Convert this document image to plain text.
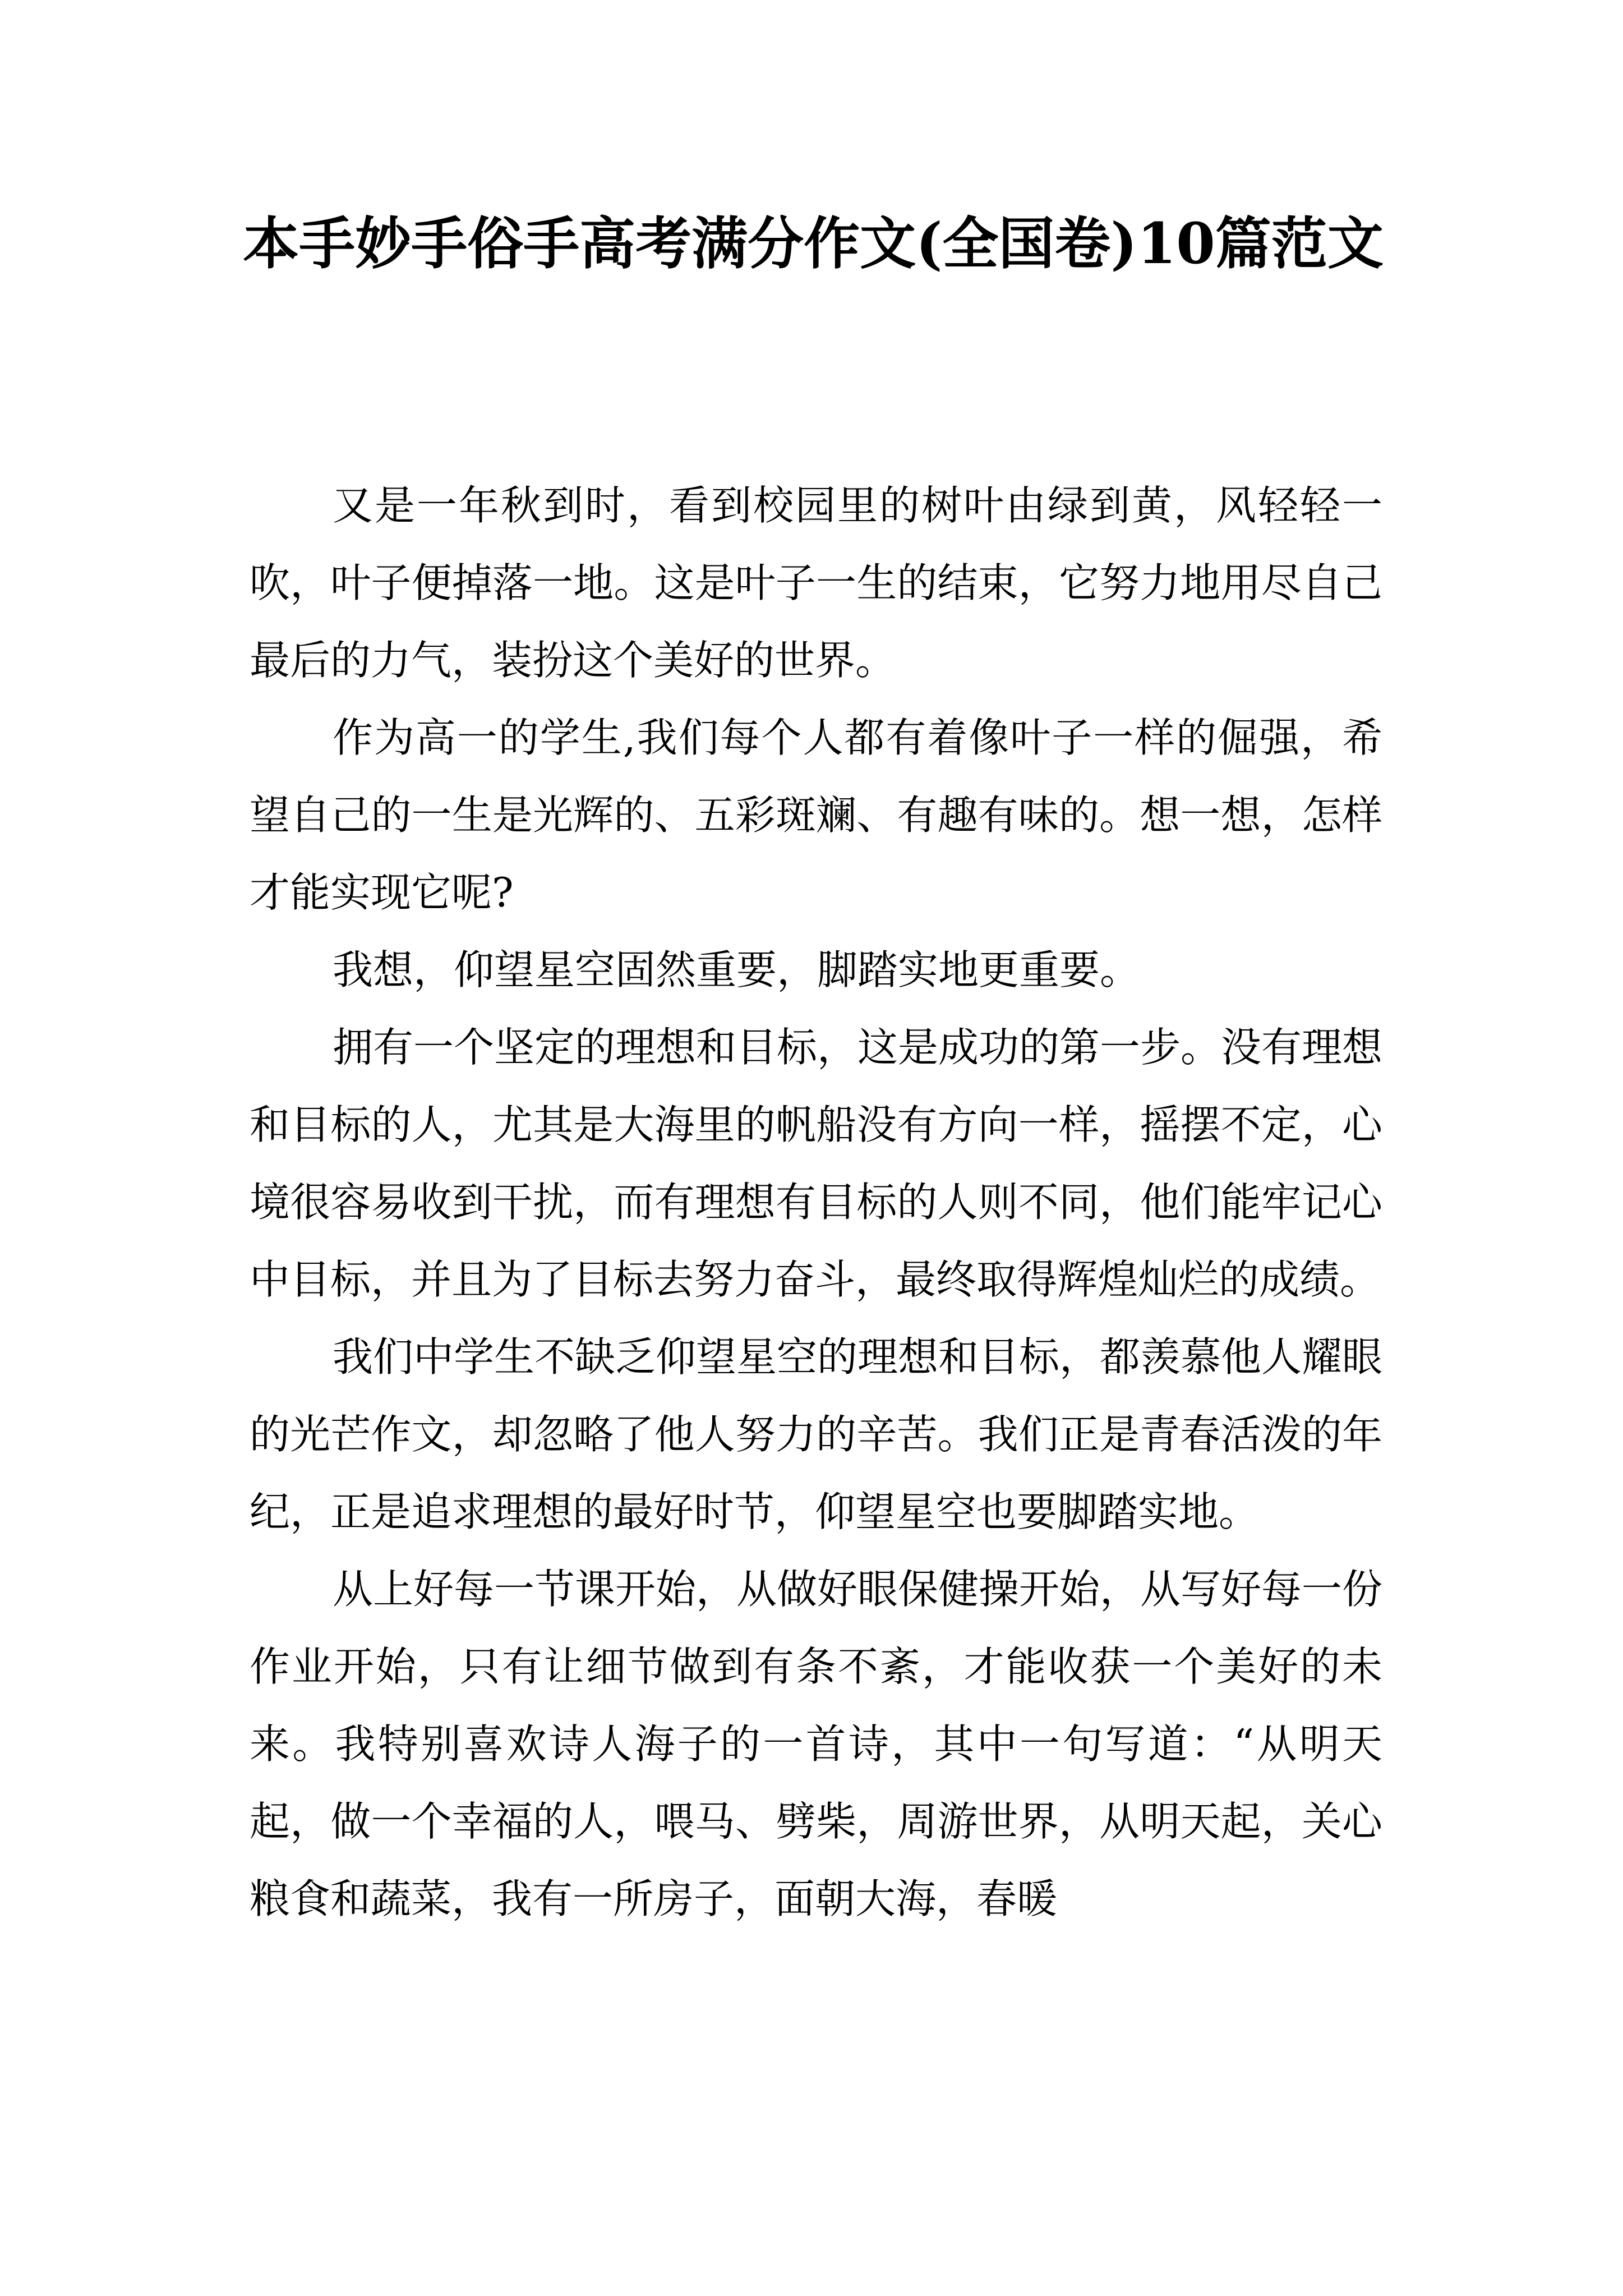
本手妙手俗手高考满分作文(全国卷)10篇范文

又是一年秋到时，看到校园里的树叶由绿到黄，风轻轻一吹，叶子便掉落一地。这是叶子一生的结束，它努力地用尽自己最后的力气，装扮这个美好的世界。

作为高一的学生,我们每个人都有着像叶子一样的倔强，希望自己的一生是光辉的、五彩斑斓、有趣有味的。想一想，怎样才能实现它呢?

我想，仰望星空固然重要，脚踏实地更重要。

拥有一个坚定的理想和目标，这是成功的第一步。没有理想和目标的人，尤其是大海里的帆船没有方向一样，摇摆不定，心境很容易收到干扰，而有理想有目标的人则不同，他们能牢记心中目标，并且为了目标去努力奋斗，最终取得辉煌灿烂的成绩。

我们中学生不缺乏仰望星空的理想和目标，都羡慕他人耀眼的光芒作文，却忽略了他人努力的辛苦。我们正是青春活泼的年纪，正是追求理想的最好时节，仰望星空也要脚踏实地。

从上好每一节课开始，从做好眼保健操开始，从写好每一份作业开始，只有让细节做到有条不紊，才能收获一个美好的未来。我特别喜欢诗人海子的一首诗，其中一句写道：“从明天起，做一个幸福的人，喂马、劈柴，周游世界，从明天起，关心粮食和蔬菜，我有一所房子，面朝大海，春暖
